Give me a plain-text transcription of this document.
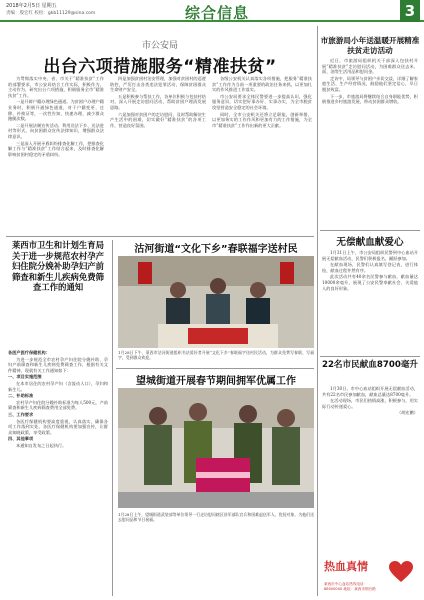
2018年2月5日 星期五
责编：殷宏红 校检：gkb11129@sina.com	综合信息	3
市公安局
出台六项措施服务“精准扶贫”

为贯彻落实中央、省、市关于“精准扶贫”工作的部署要求，市公安局结合工作实际，积极作为，主动作为，研究出台六项措施，积极服务全市“精准扶贫”工作。

一是开辟户籍办理绿色通道。为贫困户办理户籍业务时，积极开通绿色通道，对于户籍变更、迁移、补换证等，一次性告知，快速办理，减少群众跑腿次数。

二是开展法制宣传活动。利用送法下乡、送法进村等形式，向贫困群众宣传法律知识，增强群众法律意识。

三是深入开展矛盾纠纷排查化解工作，把排查化解工作与“精准扶贫”工作结合起来，及时排查化解影响贫困村稳定的矛盾纠纷。

四是加强贫困村治安管理，加强对贫困村的巡逻防控，严厉打击各类违法犯罪活动，保障贫困群众生命财产安全。

五是积极参与帮扶工作，各单位积极与包扶村结对，深入开展走访慰问活动，帮助贫困户理清发展思路。

六是加强对贫困户的走访慰问，及时帮助解决生产生活中的困难，切实做好“精准扶贫”的各项工作，营造良好氛围。

各级公安机关认真落实各项措施，把服务“精准扶贫”工作作为当前一项重要的政治任务来抓，以更加扎实的作风推进工作落实。

市公安局要求全体民警要进一步提高认识，强化服务意识，切实把好事办好、实事办实，为全市脱贫攻坚营造安全稳定的社会环境。

同时，全市公安机关还将立足职能，创新举措，以更加务实的工作作风和更加有力的工作措施，为全市“精准扶贫”工作作出新的更大贡献。

莱西市卫生和计划生育局关于进一步规范农村孕产妇住院分娩补助孕妇产前筛查和新生儿疾病免费筛查工作的通知

各医产医疗保健机构：

为进一步规范全市农村孕产妇住院分娩补助、孕妇产前筛查和新生儿疾病免费筛查工作，根据有关文件精神，现就有关工作通知如下：

一、项目实施范围

在本市居住的农村孕产妇（含流动人口），孕妇和新生儿。

二、补助标准

农村孕产妇住院分娩补助标准为每人500元，产前筛查和新生儿疾病筛查费用全部免费。

三、工作要求

各医疗保健机构要高度重视，认真落实，确保各项工作落到实处。各医疗保健机构要加强宣传，让群众知晓政策，享受政策。

四、其他事项

本通知自发布之日起执行。

沽河街道“文化下乡”春联福字送村民
1月28日下午，莱西市沽河街道组织书法爱好者开展“文化下乡”春联福字送村民活动，为群众免费写春联、写福字，受到群众欢迎。
望城街道开展春节期间拥军优属工作
1月28日上午，望城街道武装部等单位领导一行走访慰问辖区驻军部队官兵和困难退伍军人、优抚对象，为他们送去慰问品和节日祝福。
市旅游局小年送温暖开展精准扶贫走访活动

近日，市旅游局组织机关干部深入包扶村开展“精准扶贫”走访慰问活动，为困难群众送去米、面、油等生活用品和慰问金。

走访中，局领导与贫困户亲切交谈，详细了解家庭生活、生产经营情况，鼓励他们坚定信心，早日脱贫致富。

下一步，市旅游局将继续结合自身职能优势，积极推进乡村旅游发展，带动贫困群众增收。

无偿献血献爱心

1月31日上午，市公安局组织民警到中心血站开展无偿献血活动，民警们积极报名，踊跃参加。

在献血现场，民警们认真填写登记表，进行体检，献血过程井然有序。

此次活动共有40余名民警参与献血，献血量达10000余毫升，展现了公安民警奉献社会、关爱他人的良好形象。

22名市民献血8700毫升

1月30日，市中心血站组织开展无偿献血活动，共有22名市民参加献血，献血总量达8700毫升。

在活动现场，市民们热情高涨，积极参与，用实际行动传递爱心。

（胡宏鹏）

热血真情
莱西市中心血站热线电话：88000000 地址：莱西市烟台路
